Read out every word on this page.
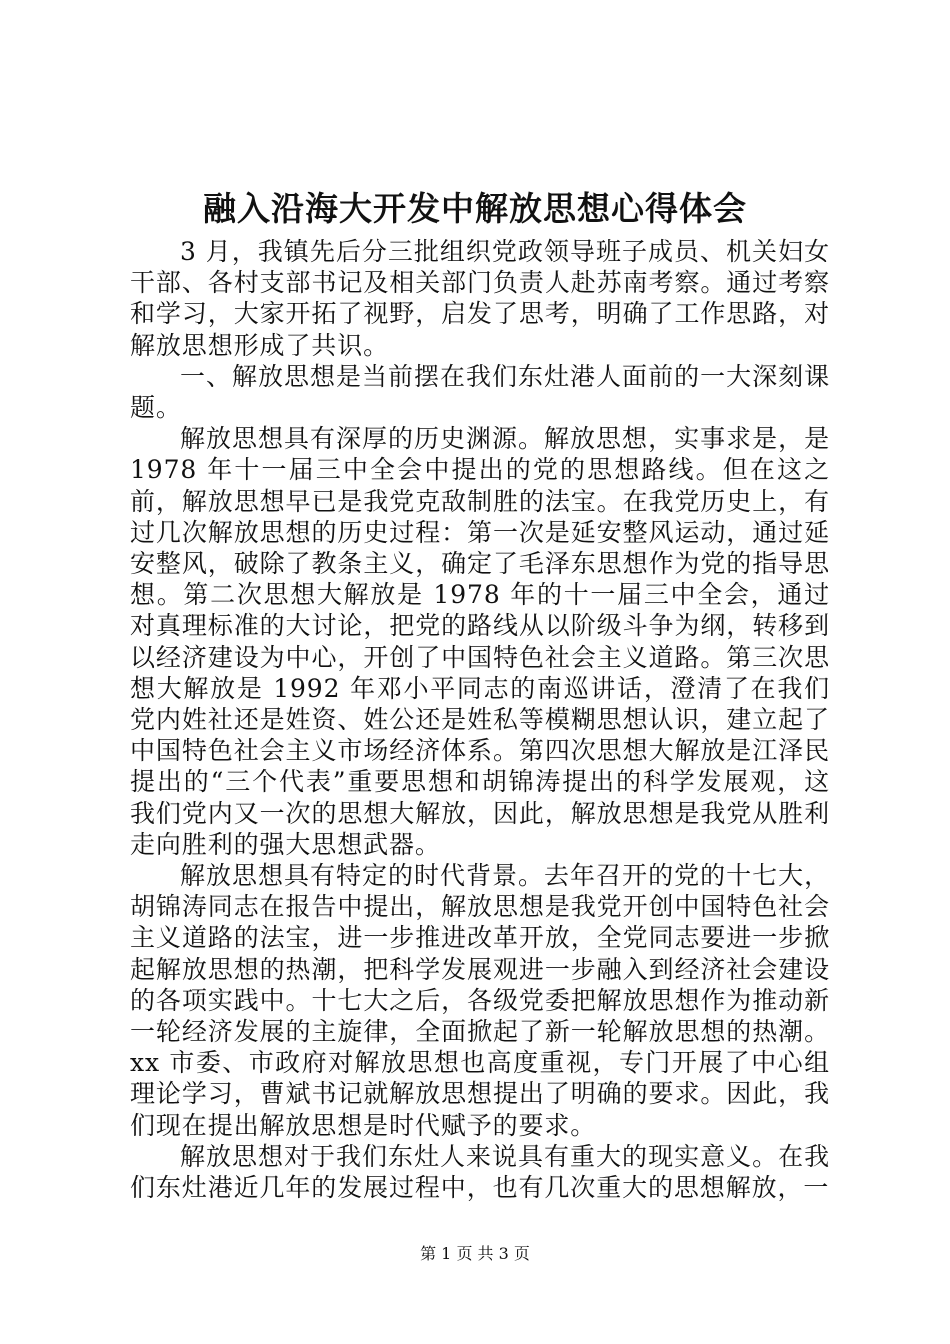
融入沿海大开发中解放思想心得体会

3 月，我镇先后分三批组织党政领导班子成员、机关妇女干部、各村支部书记及相关部门负责人赴苏南考察。通过考察和学习，大家开拓了视野，启发了思考，明确了工作思路，对解放思想形成了共识。

一、解放思想是当前摆在我们东灶港人面前的一大深刻课题。

解放思想具有深厚的历史渊源。解放思想，实事求是，是 1978 年十一届三中全会中提出的党的思想路线。但在这之前，解放思想早已是我党克敌制胜的法宝。在我党历史上，有过几次解放思想的历史过程：第一次是延安整风运动，通过延安整风，破除了教条主义，确定了毛泽东思想作为党的指导思想。第二次思想大解放是 1978 年的十一届三中全会，通过对真理标准的大讨论，把党的路线从以阶级斗争为纲，转移到以经济建设为中心，开创了中国特色社会主义道路。第三次思想大解放是 1992 年邓小平同志的南巡讲话，澄清了在我们党内姓社还是姓资、姓公还是姓私等模糊思想认识，建立起了中国特色社会主义市场经济体系。第四次思想大解放是江泽民提出的“三个代表”重要思想和胡锦涛提出的科学发展观，这我们党内又一次的思想大解放，因此，解放思想是我党从胜利走向胜利的强大思想武器。

解放思想具有特定的时代背景。去年召开的党的十七大，胡锦涛同志在报告中提出，解放思想是我党开创中国特色社会主义道路的法宝，进一步推进改革开放，全党同志要进一步掀起解放思想的热潮，把科学发展观进一步融入到经济社会建设的各项实践中。十七大之后，各级党委把解放思想作为推动新一轮经济发展的主旋律，全面掀起了新一轮解放思想的热潮。xx 市委、市政府对解放思想也高度重视，专门开展了中心组理论学习，曹斌书记就解放思想提出了明确的要求。因此，我们现在提出解放思想是时代赋予的要求。

解放思想对于我们东灶人来说具有重大的现实意义。在我们东灶港近几年的发展过程中，也有几次重大的思想解放，一

第 1 页 共 3 页
